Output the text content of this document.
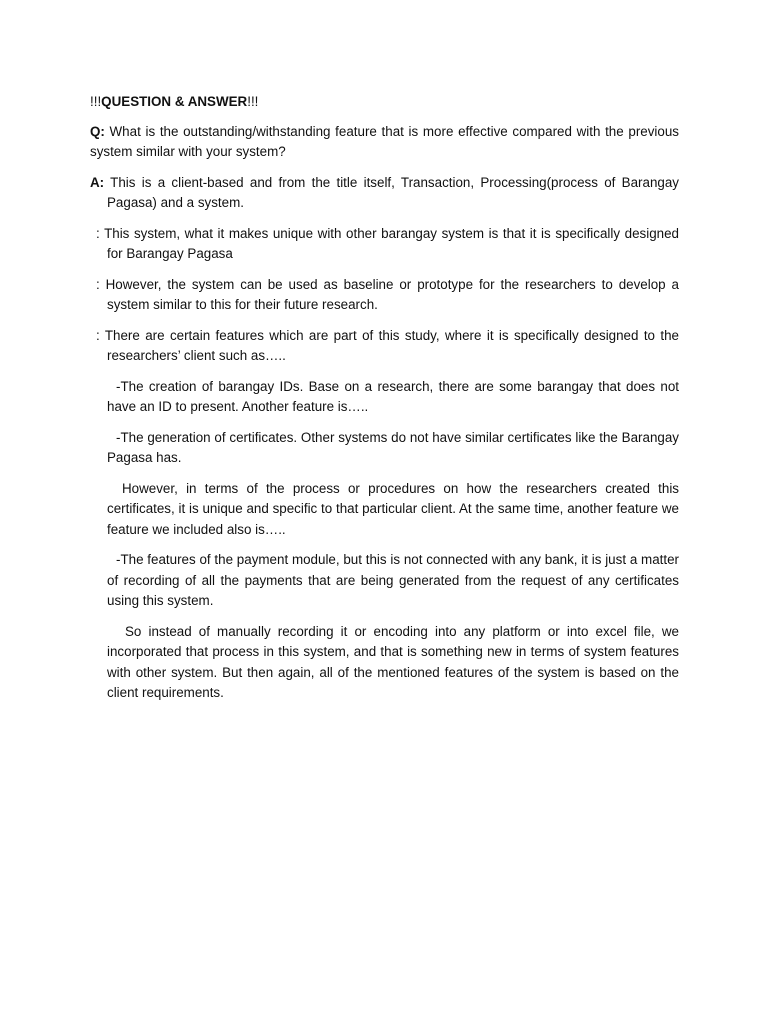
!!!QUESTION & ANSWER!!!

Q: What is the outstanding/withstanding feature that is more effective compared with the previous system similar with your system?

A: This is a client-based and from the title itself, Transaction, Processing(process of Barangay Pagasa) and a system.

: This system, what it makes unique with other barangay system is that it is specifically designed for Barangay Pagasa

: However, the system can be used as baseline or prototype for the researchers to develop a system similar to this for their future research.

: There are certain features which are part of this study, where it is specifically designed to the researchers’ client such as…..

-The creation of barangay IDs. Base on a research, there are some barangay that does not have an ID to present. Another feature is…..

-The generation of certificates. Other systems do not have similar certificates like the Barangay Pagasa has.

However, in terms of the process or procedures on how the researchers created this certificates, it is unique and specific to that particular client. At the same time, another feature we feature we included also is…..

-The features of the payment module, but this is not connected with any bank, it is just a matter of recording of all the payments that are being generated from the request of any certificates using this system.

So instead of manually recording it or encoding into any platform or into excel file, we incorporated that process in this system, and that is something new in terms of system features with other system. But then again, all of the mentioned features of the system is based on the client requirements.
